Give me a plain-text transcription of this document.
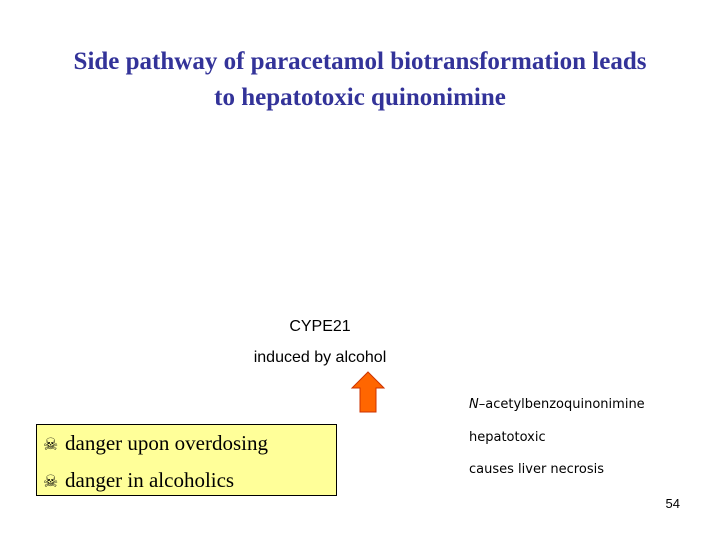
Side pathway of paracetamol biotransformation leads
to hepatotoxic quinonimine
CYPE21
induced by alcohol
N–acetylbenzoquinonimine
hepatotoxic
causes liver necrosis
☠ danger upon overdosing
☠ danger in alcoholics
54
